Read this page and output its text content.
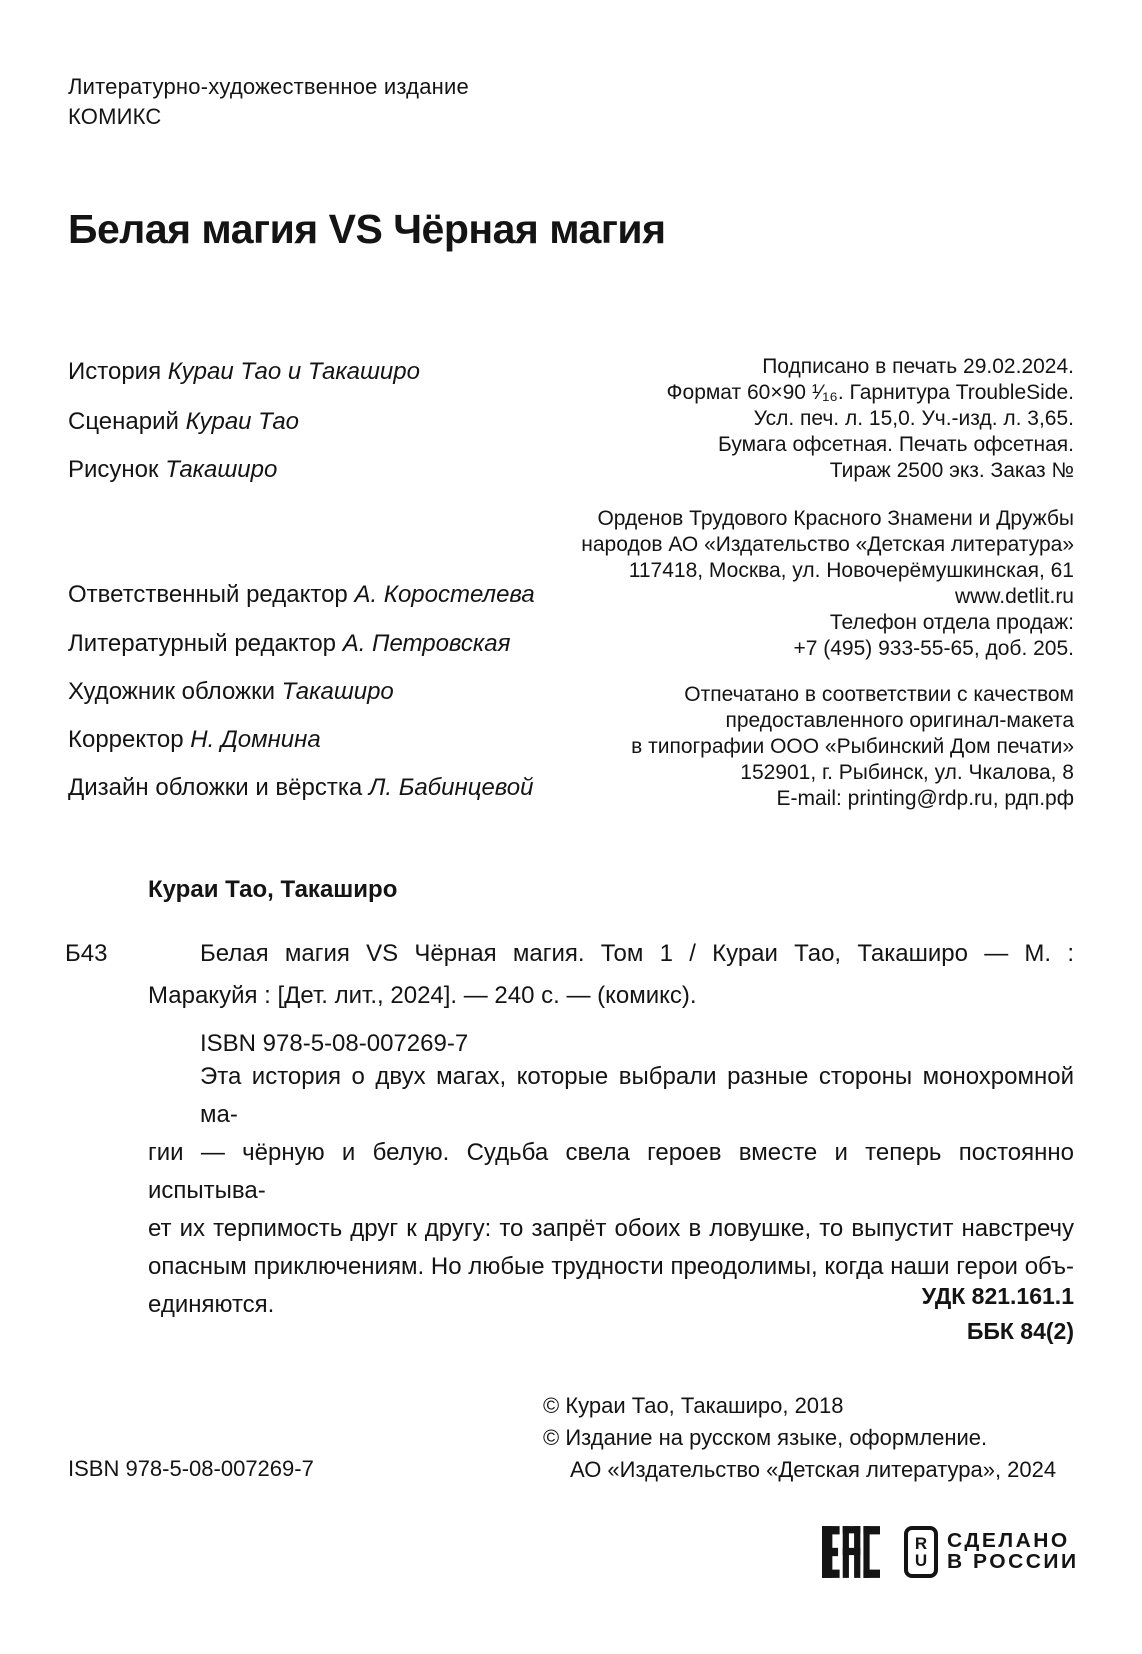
Литературно-художественное издание
КОМИКС
Белая магия VS Чёрная магия
История Кураи Тао и Такаширо
Сценарий Кураи Тао
Рисунок Такаширо
Ответственный редактор А. Коростелева
Литературный редактор А. Петровская
Художник обложки Такаширо
Корректор Н. Домнина
Дизайн обложки и вёрстка Л. Бабинцевой
Подписано в печать 29.02.2024.
Формат 60×90 ¹⁄₁₆. Гарнитура TroubleSide.
Усл. печ. л. 15,0. Уч.-изд. л. 3,65.
Бумага офсетная. Печать офсетная.
Тираж 2500 экз. Заказ №
Орденов Трудового Красного Знамени и Дружбы
народов АО «Издательство «Детская литература»
117418, Москва, ул. Новочерёмушкинская, 61
www.detlit.ru
Телефон отдела продаж:
+7 (495) 933-55-65, доб. 205.
Отпечатано в соответствии с качеством
предоставленного оригинал-макета
в типографии ООО «Рыбинский Дом печати»
152901, г. Рыбинск, ул. Чкалова, 8
E-mail: printing@rdp.ru, рдп.рф
Кураи Тао, Такаширо
Б43	Белая магия VS Чёрная магия. Том 1 / Кураи Тао, Такаширо — М. :
Маракуйя : [Дет. лит., 2024]. — 240 с. — (комикс).
ISBN 978-5-08-007269-7
Эта история о двух магах, которые выбрали разные стороны монохромной ма-
гии — чёрную и белую. Судьба свела героев вместе и теперь постоянно испытыва-
ет их терпимость друг к другу: то запрёт обоих в ловушке, то выпустит навстречу
опасным приключениям. Но любые трудности преодолимы, когда наши герои объ-
единяются.	УДК 821.161.1
ББК 84(2)
© Кураи Тао, Такаширо, 2018
© Издание на русском языке, оформление.
АО «Издательство «Детская литература», 2024
ISBN 978-5-08-007269-7
R
U
СДЕЛАНО
В РОССИИ
